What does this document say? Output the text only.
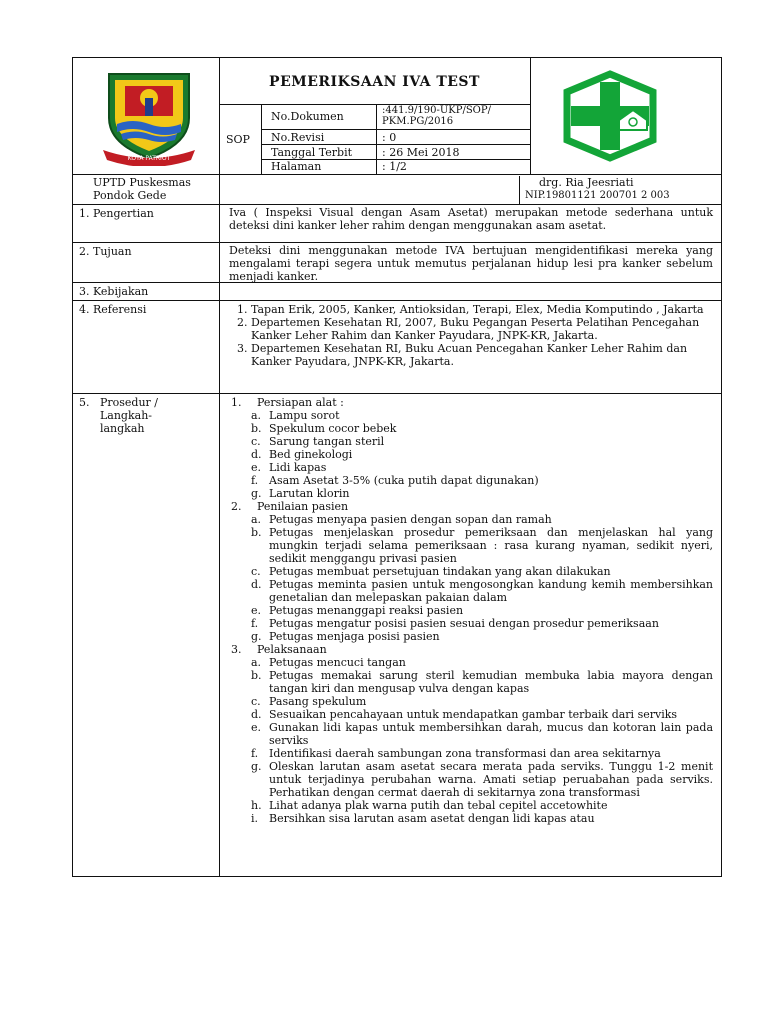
KOTA PATRIOT
PEMERIKSAAN IVA TEST
SOP
No.Dokumen	:441.9/190-UKP/SOP/ PKM.PG/2016
No.Revisi	: 0
Tanggal Terbit	: 26 Mei 2018
Halaman	: 1/2
UPTD Puskesmas
Pondok Gede
drg. Ria Jeesriati
NIP.19801121 200701 2 003
1. Pengertian	Iva ( Inspeksi Visual dengan Asam Asetat) merupakan metode sederhana untuk deteksi dini kanker leher rahim dengan menggunakan asam asetat.
2. Tujuan	Deteksi dini menggunakan metode IVA bertujuan mengidentifikasi mereka yang mengalami terapi segera untuk memutus perjalanan hidup lesi pra kanker sebelum menjadi kanker.
3. Kebijakan
4. Referensi
1.	Tapan Erik, 2005, Kanker, Antioksidan, Terapi, Elex, Media Komputindo , Jakarta
2. Departemen Kesehatan RI, 2007, Buku Pegangan Peserta Pelatihan Pencegahan Kanker Leher Rahim dan Kanker Payudara, JNPK-KR, Jakarta.
3. Departemen Kesehatan RI, Buku Acuan Pencegahan Kanker Leher Rahim dan Kanker Payudara, JNPK-KR, Jakarta.
5.   Prosedur /
Langkah-
langkah
1. Persiapan alat :
a. Lampu sorot
b. Spekulum cocor bebek
c. Sarung tangan steril
d. Bed ginekologi
e. Lidi kapas
f. Asam Asetat 3-5% (cuka putih dapat digunakan)
g. Larutan klorin
2. Penilaian pasien
a. Petugas menyapa pasien dengan sopan dan ramah
b. Petugas menjelaskan prosedur pemeriksaan dan menjelaskan hal yang mungkin terjadi selama pemeriksaan : rasa kurang nyaman, sedikit nyeri, sedikit menggangu privasi pasien
c. Petugas membuat persetujuan tindakan yang akan dilakukan
d. Petugas meminta pasien untuk mengosongkan kandung kemih membersihkan genetalian dan melepaskan pakaian dalam
e. Petugas menanggapi reaksi pasien
f. Petugas mengatur posisi pasien sesuai dengan prosedur pemeriksaan
g. Petugas menjaga posisi pasien
3. Pelaksanaan
a. Petugas mencuci tangan
b. Petugas memakai sarung steril kemudian membuka labia mayora dengan tangan kiri dan mengusap vulva dengan kapas
c. Pasang spekulum
d. Sesuaikan pencahayaan untuk mendapatkan gambar terbaik dari serviks
e. Gunakan lidi kapas untuk membersihkan darah, mucus dan kotoran lain pada serviks
f. Identifikasi daerah sambungan zona transformasi dan area sekitarnya
g. Oleskan larutan asam asetat secara merata pada serviks. Tunggu 1-2 menit untuk terjadinya perubahan warna. Amati setiap peruabahan pada serviks. Perhatikan dengan cermat daerah di sekitarnya zona transformasi
h. Lihat adanya plak warna putih dan tebal cepitel accetowhite
i. Bersihkan sisa larutan asam asetat dengan lidi kapas atau
